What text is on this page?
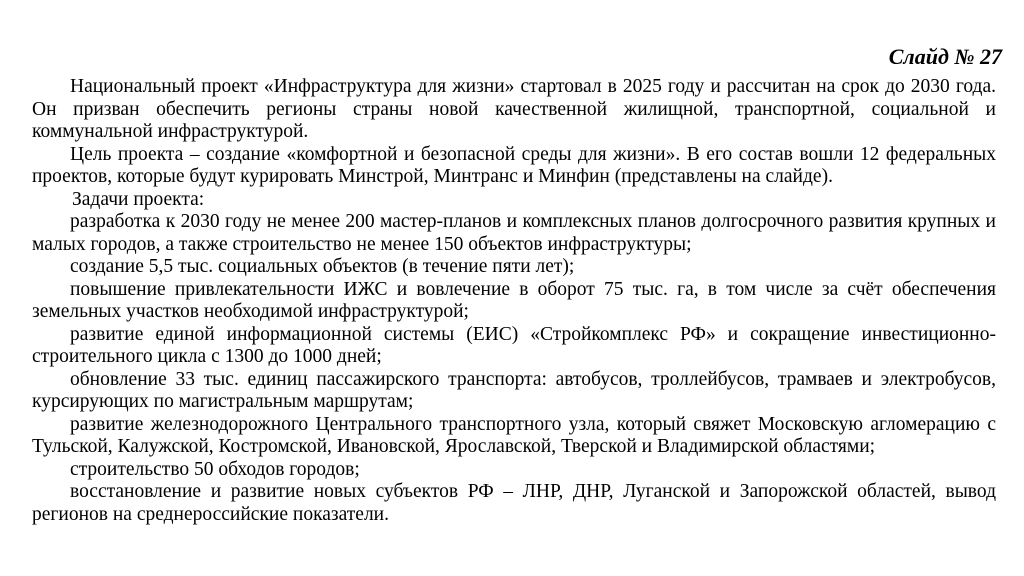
Слайд № 27

Национальный проект «Инфраструктура для жизни» стартовал в 2025 году и рассчитан на срок до 2030 года. Он призван обеспечить регионы страны новой качественной жилищной, транспортной, социальной и коммунальной инфраструктурой.

Цель проекта – создание «комфортной и безопасной среды для жизни». В его состав вошли 12 федеральных проектов, которые будут курировать Минстрой, Минтранс и Минфин (представлены на слайде).

Задачи проекта:

разработка к 2030 году не менее 200 мастер-планов и комплексных планов долгосрочного развития крупных и малых городов, а также строительство не менее 150 объектов инфраструктуры;

создание 5,5 тыс. социальных объектов (в течение пяти лет);

повышение привлекательности ИЖС и вовлечение в оборот 75 тыс. га, в том числе за счёт обеспечения земельных участков необходимой инфраструктурой;

развитие единой информационной системы (ЕИС) «Стройкомплекс РФ» и сокращение инвестиционно-строительного цикла с 1300 до 1000 дней;

обновление 33 тыс. единиц пассажирского транспорта: автобусов, троллейбусов, трамваев и электробусов, курсирующих по магистральным маршрутам;

развитие железнодорожного Центрального транспортного узла, который свяжет Московскую агломерацию с Тульской, Калужской, Костромской, Ивановской, Ярославской, Тверской и Владимирской областями;

строительство 50 обходов городов;

восстановление и развитие новых субъектов РФ – ЛНР, ДНР, Луганской и Запорожской областей, вывод регионов на среднероссийские показатели.
